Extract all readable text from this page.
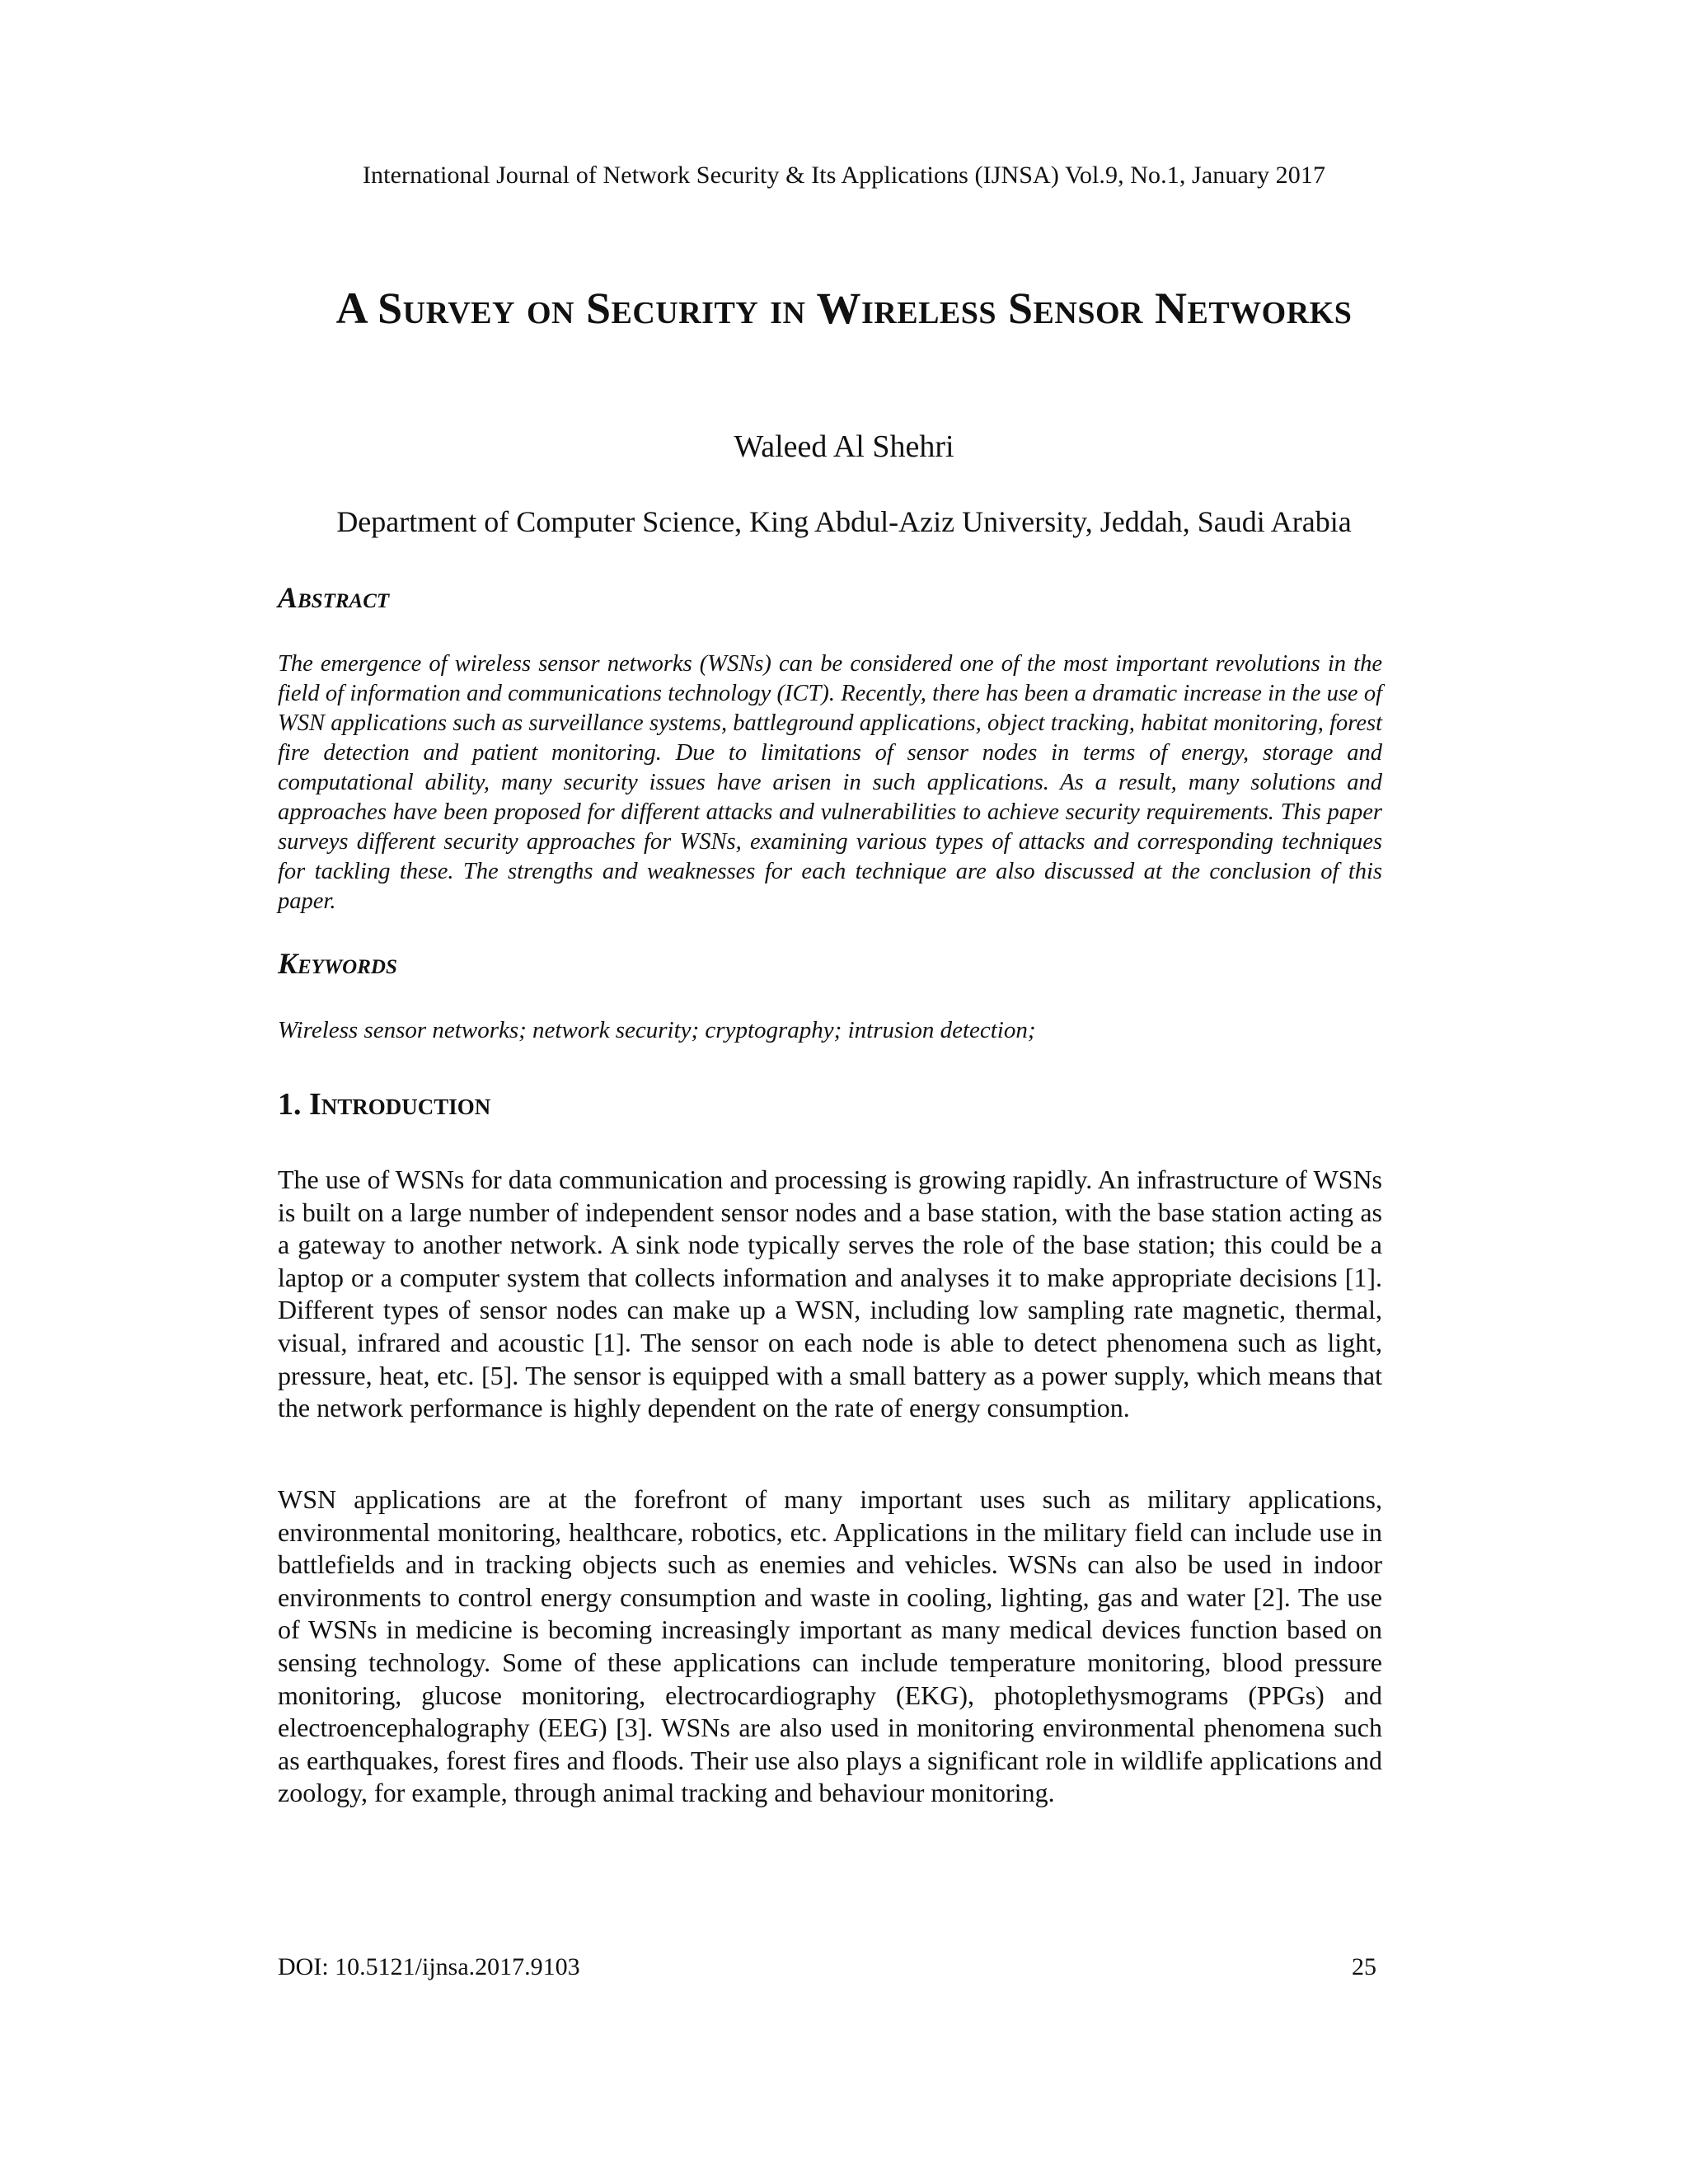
International Journal of Network Security & Its Applications (IJNSA) Vol.9, No.1, January 2017
A Survey on Security in Wireless Sensor Networks
Waleed Al Shehri
Department of Computer Science, King Abdul-Aziz University, Jeddah, Saudi Arabia
Abstract

The emergence of wireless sensor networks (WSNs) can be considered one of the most important revolutions in the field of information and communications technology (ICT). Recently, there has been a dramatic increase in the use of WSN applications such as surveillance systems, battleground applications, object tracking, habitat monitoring, forest fire detection and patient monitoring. Due to limitations of sensor nodes in terms of energy, storage and computational ability, many security issues have arisen in such applications. As a result, many solutions and approaches have been proposed for different attacks and vulnerabilities to achieve security requirements. This paper surveys different security approaches for WSNs, examining various types of attacks and corresponding techniques for tackling these. The strengths and weaknesses for each technique are also discussed at the conclusion of this paper.

Keywords

Wireless sensor networks; network security; cryptography; intrusion detection;

1. Introduction

The use of WSNs for data communication and processing is growing rapidly. An infrastructure of WSNs is built on a large number of independent sensor nodes and a base station, with the base station acting as a gateway to another network. A sink node typically serves the role of the base station; this could be a laptop or a computer system that collects information and analyses it to make appropriate decisions [1]. Different types of sensor nodes can make up a WSN, including low sampling rate magnetic, thermal, visual, infrared and acoustic [1]. The sensor on each node is able to detect phenomena such as light, pressure, heat, etc. [5]. The sensor is equipped with a small battery as a power supply, which means that the network performance is highly dependent on the rate of energy consumption.

WSN applications are at the forefront of many important uses such as military applications, environmental monitoring, healthcare, robotics, etc. Applications in the military field can include use in battlefields and in tracking objects such as enemies and vehicles. WSNs can also be used in indoor environments to control energy consumption and waste in cooling, lighting, gas and water [2]. The use of WSNs in medicine is becoming increasingly important as many medical devices function based on sensing technology. Some of these applications can include temperature monitoring, blood pressure monitoring, glucose monitoring, electrocardiography (EKG), photoplethysmograms (PPGs) and electroencephalography (EEG) [3]. WSNs are also used in monitoring environmental phenomena such as earthquakes, forest fires and floods. Their use also plays a significant role in wildlife applications and zoology, for example, through animal tracking and behaviour monitoring.

DOI: 10.5121/ijnsa.2017.9103	25
